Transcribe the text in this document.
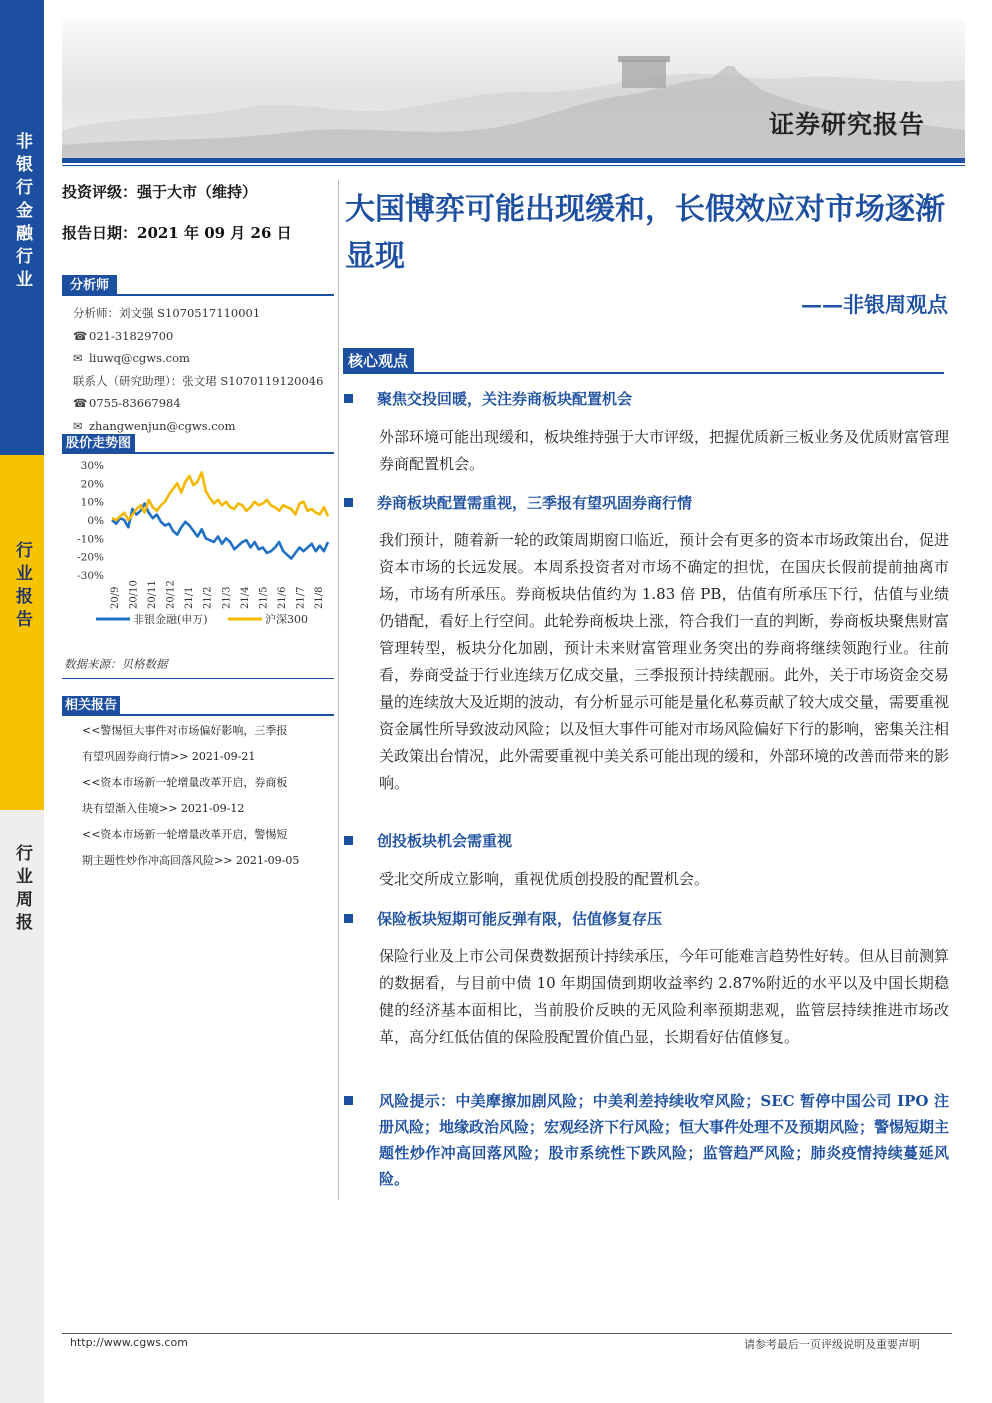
非银行金融行业
行业报告
行业周报
证券研究报告
投资评级：强于大市（维持）
报告日期：2021 年 09 月 26 日
分析师
分析师：刘文强 S1070517110001
☎ 021-31829700
✉ liuwq@cgws.com
联系人（研究助理）：张文珺 S1070119120046
☎ 0755-83667984
✉ zhangwenjun@cgws.com
股价走势图
30%
20%
10%
0%
-10%
-20%
-30%
20/9 20/10 20/11 20/12 21/1 21/2 21/3 21/4 21/5 21/6 21/7 21/8
非银金融(申万)	沪深300
数据来源：贝格数据
相关报告
<<警惕恒大事件对市场偏好影响，三季报
有望巩固券商行情>> 2021-09-21
<<资本市场新一轮增量改革开启，券商板
块有望渐入佳境>> 2021-09-12
<<资本市场新一轮增量改革开启，警惕短
期主题性炒作冲高回落风险>> 2021-09-05
大国博弈可能出现缓和，长假效应对市场逐渐显现
——非银周观点
核心观点
聚焦交投回暖，关注券商板块配置机会
外部环境可能出现缓和，板块维持强于大市评级，把握优质新三板业务及优质财富管理券商配置机会。
券商板块配置需重视，三季报有望巩固券商行情
我们预计，随着新一轮的政策周期窗口临近，预计会有更多的资本市场政策出台，促进资本市场的长远发展。本周系投资者对市场不确定的担忧，在国庆长假前提前抽离市场，市场有所承压。券商板块估值约为 1.83 倍 PB，估值有所承压下行，估值与业绩仍错配，看好上行空间。此轮券商板块上涨，符合我们一直的判断，券商板块聚焦财富管理转型，板块分化加剧，预计未来财富管理业务突出的券商将继续领跑行业。往前看，券商受益于行业连续万亿成交量，三季报预计持续靓丽。此外，关于市场资金交易量的连续放大及近期的波动，有分析显示可能是量化私募贡献了较大成交量，需要重视资金属性所导致波动风险；以及恒大事件可能对市场风险偏好下行的影响，密集关注相关政策出台情况，此外需要重视中美关系可能出现的缓和，外部环境的改善而带来的影响。
创投板块机会需重视
受北交所成立影响，重视优质创投股的配置机会。
保险板块短期可能反弹有限，估值修复存压
保险行业及上市公司保费数据预计持续承压，今年可能难言趋势性好转。但从目前测算的数据看，与目前中债 10 年期国债到期收益率约 2.87%附近的水平以及中国长期稳健的经济基本面相比，当前股价反映的无风险利率预期悲观，监管层持续推进市场改革，高分红低估值的保险股配置价值凸显，长期看好估值修复。
风险提示：中美摩擦加剧风险；中美利差持续收窄风险；SEC 暂停中国公司 IPO 注册风险；地缘政治风险；宏观经济下行风险；恒大事件处理不及预期风险；警惕短期主题性炒作冲高回落风险；股市系统性下跌风险；监管趋严风险；肺炎疫情持续蔓延风险。
http://www.cgws.com	请参考最后一页评级说明及重要声明
